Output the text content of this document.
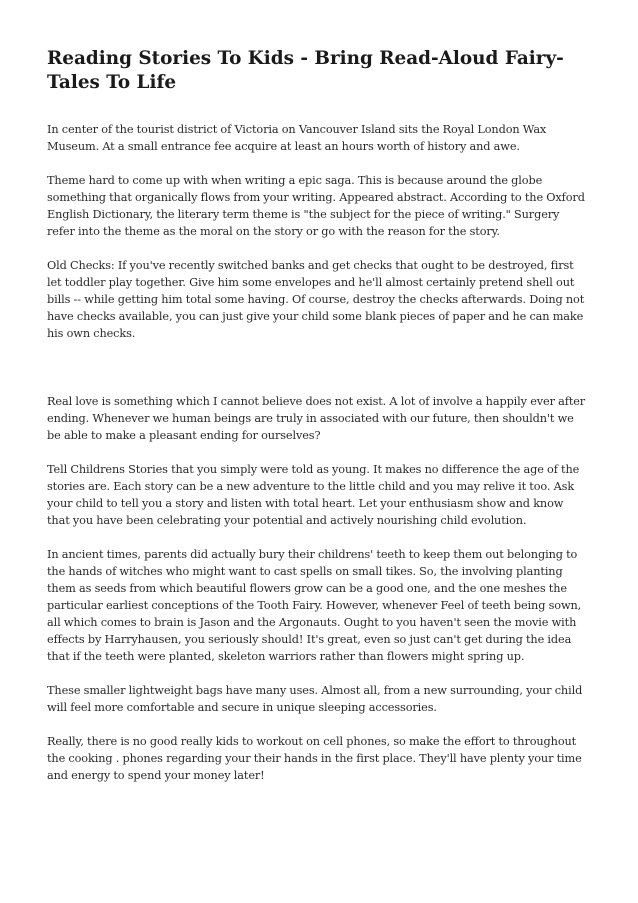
Reading Stories To Kids - Bring Read-Aloud Fairy-Tales To Life

In center of the tourist district of Victoria on Vancouver Island sits the Royal London Wax Museum. At a small entrance fee acquire at least an hours worth of history and awe.

Theme hard to come up with when writing a epic saga. This is because around the globe something that organically flows from your writing. Appeared abstract. According to the Oxford English Dictionary, the literary term theme is "the subject for the piece of writing." Surgery refer into the theme as the moral on the story or go with the reason for the story.

Old Checks: If you've recently switched banks and get checks that ought to be destroyed, first let toddler play together. Give him some envelopes and he'll almost certainly pretend shell out bills -- while getting him total some having. Of course, destroy the checks afterwards. Doing not have checks available, you can just give your child some blank pieces of paper and he can make his own checks.

Real love is something which I cannot believe does not exist. A lot of involve a happily ever after ending. Whenever we human beings are truly in associated with our future, then shouldn't we be able to make a pleasant ending for ourselves?

Tell Childrens Stories that you simply were told as young. It makes no difference the age of the stories are. Each story can be a new adventure to the little child and you may relive it too. Ask your child to tell you a story and listen with total heart. Let your enthusiasm show and know that you have been celebrating your potential and actively nourishing child evolution.

In ancient times, parents did actually bury their childrens' teeth to keep them out belonging to the hands of witches who might want to cast spells on small tikes. So, the involving planting them as seeds from which beautiful flowers grow can be a good one, and the one meshes the particular earliest conceptions of the Tooth Fairy. However, whenever Feel of teeth being sown, all which comes to brain is Jason and the Argonauts. Ought to you haven't seen the movie with effects by Harryhausen, you seriously should! It's great, even so just can't get during the idea that if the teeth were planted, skeleton warriors rather than flowers might spring up.

These smaller lightweight bags have many uses. Almost all, from a new surrounding, your child will feel more comfortable and secure in unique sleeping accessories.

Really, there is no good really kids to workout on cell phones, so make the effort to throughout the cooking . phones regarding your their hands in the first place. They'll have plenty your time and energy to spend your money later!
